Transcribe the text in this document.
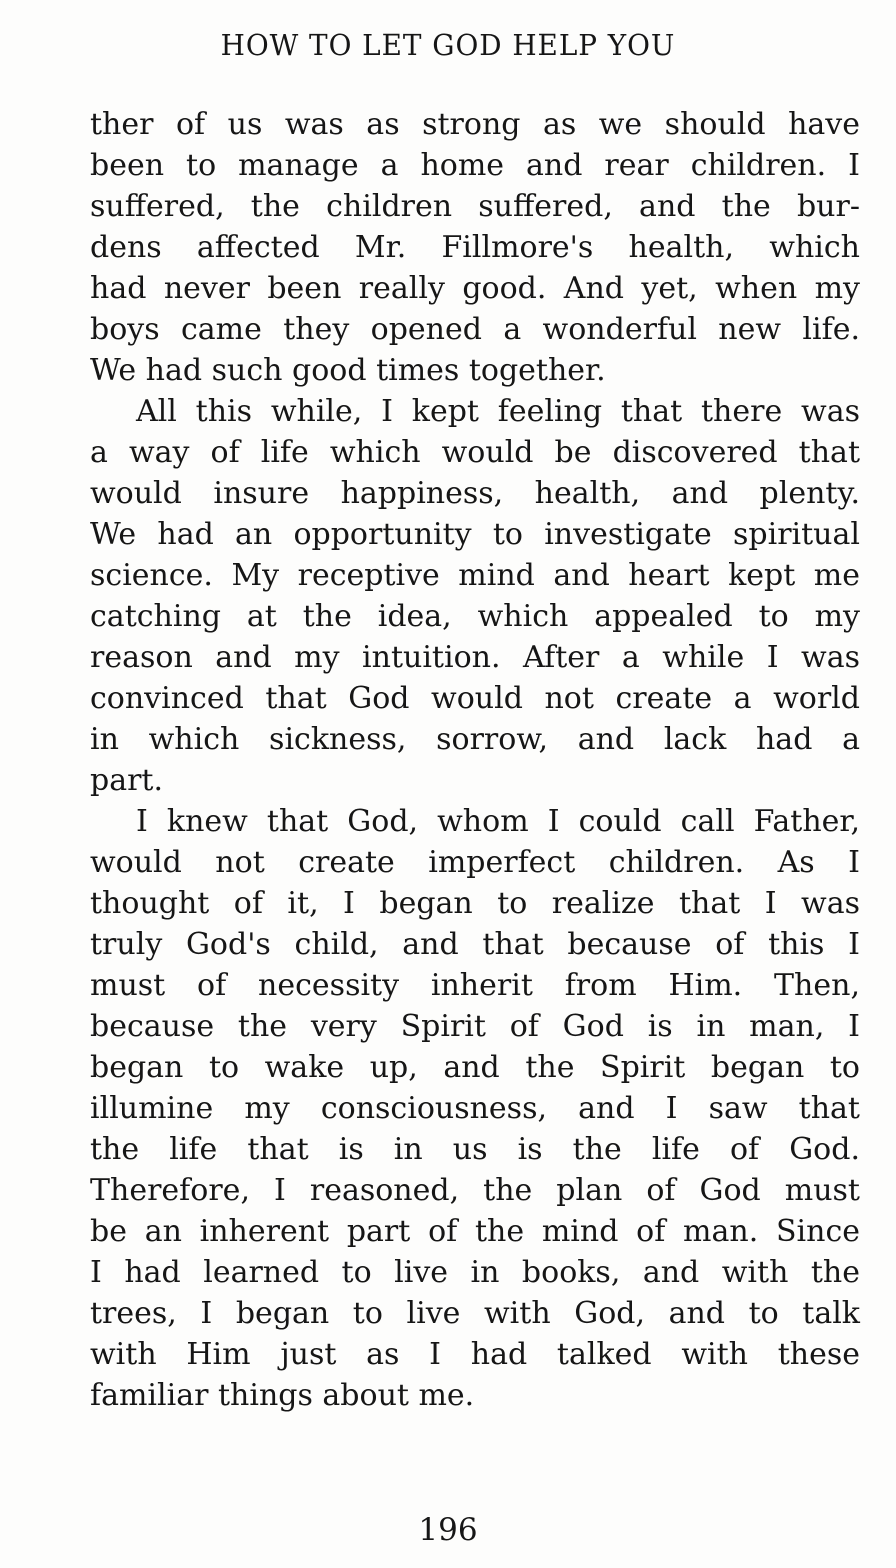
HOW TO LET GOD HELP YOU
ther of us was as strong as we should have
been to manage a home and rear children. I
suffered, the children suffered, and the bur-
dens affected Mr. Fillmore's health, which
had never been really good. And yet, when my
boys came they opened a wonderful new life.
We had such good times together.
All this while, I kept feeling that there was
a way of life which would be discovered that
would insure happiness, health, and plenty.
We had an opportunity to investigate spiritual
science. My receptive mind and heart kept me
catching at the idea, which appealed to my
reason and my intuition. After a while I was
convinced that God would not create a world
in which sickness, sorrow, and lack had a
part.
I knew that God, whom I could call Father,
would not create imperfect children. As I
thought of it, I began to realize that I was
truly God's child, and that because of this I
must of necessity inherit from Him. Then,
because the very Spirit of God is in man, I
began to wake up, and the Spirit began to
illumine my consciousness, and I saw that
the life that is in us is the life of God.
Therefore, I reasoned, the plan of God must
be an inherent part of the mind of man. Since
I had learned to live in books, and with the
trees, I began to live with God, and to talk
with Him just as I had talked with these
familiar things about me.
196
